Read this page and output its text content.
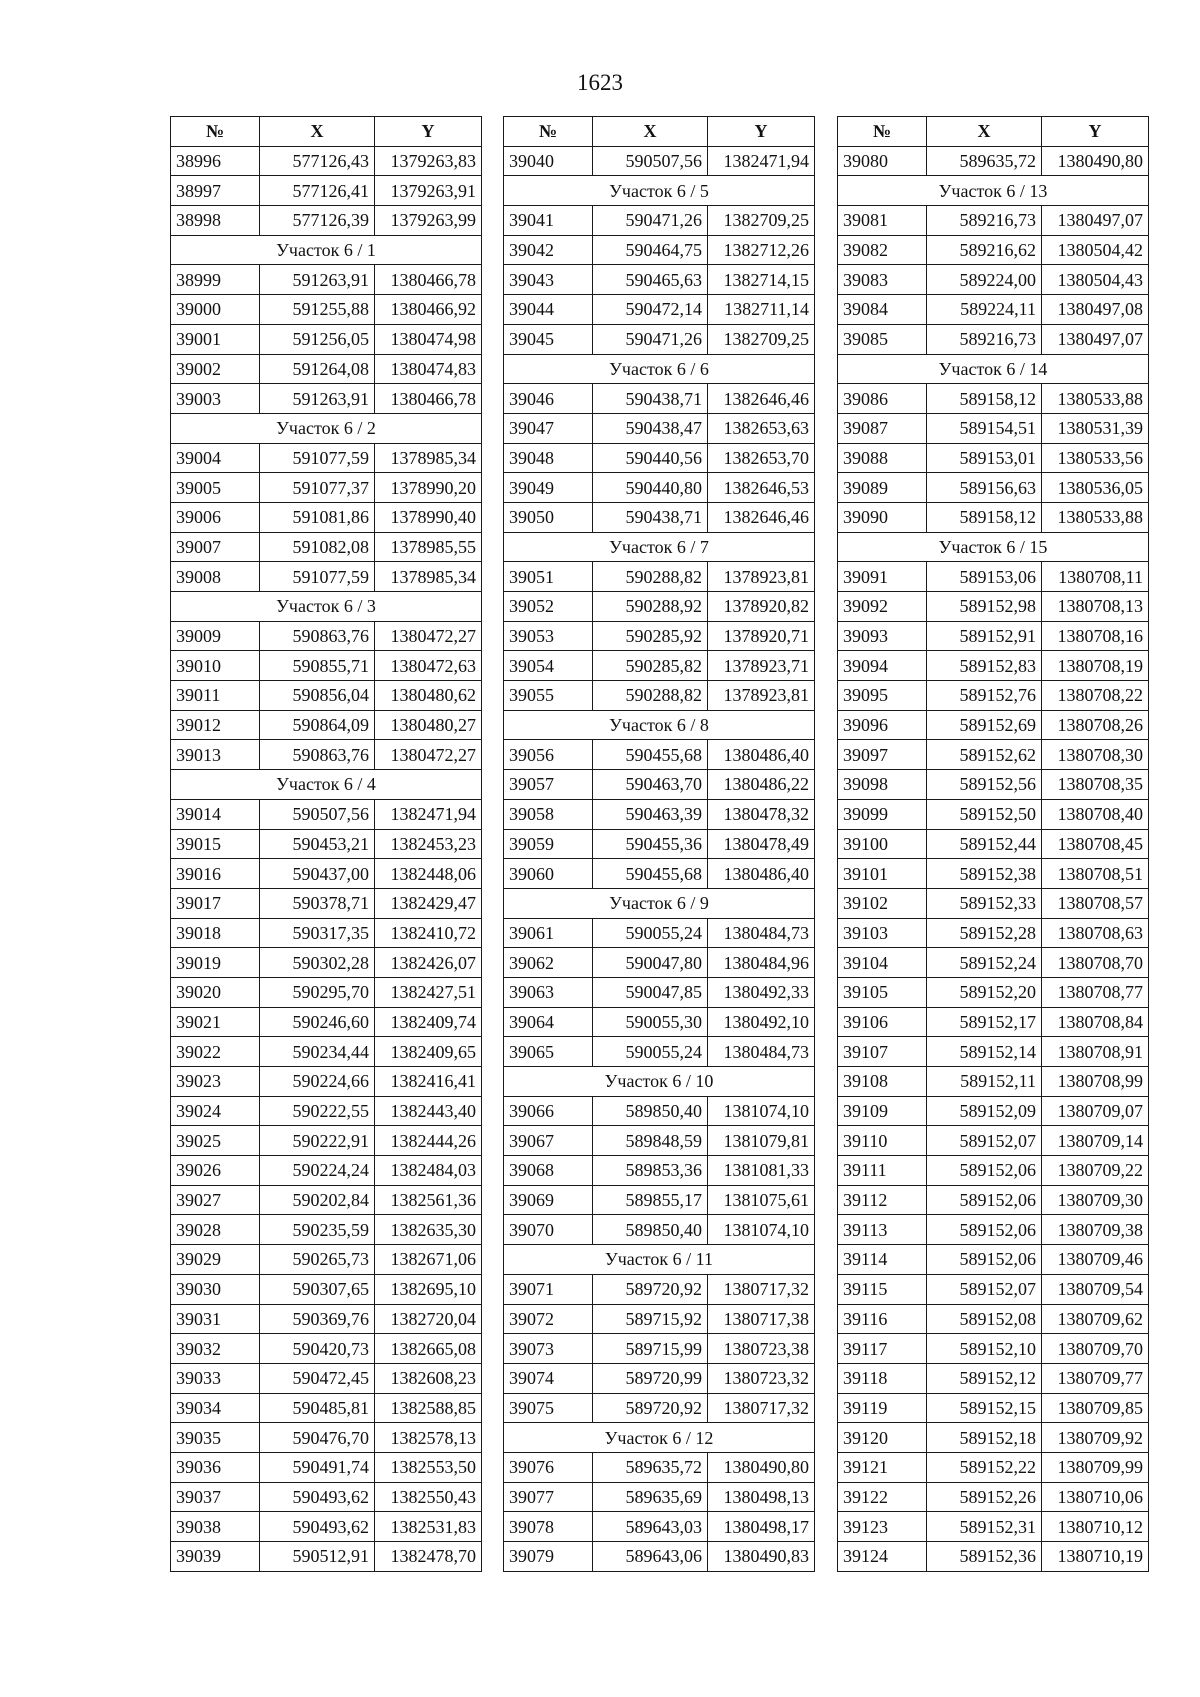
1623
№	X	Y
38996	577126,43	1379263,83
38997	577126,41	1379263,91
38998	577126,39	1379263,99
Участок 6 / 1		
38999	591263,91	1380466,78
39000	591255,88	1380466,92
39001	591256,05	1380474,98
39002	591264,08	1380474,83
39003	591263,91	1380466,78
Участок 6 / 2		
39004	591077,59	1378985,34
39005	591077,37	1378990,20
39006	591081,86	1378990,40
39007	591082,08	1378985,55
39008	591077,59	1378985,34
Участок 6 / 3		
39009	590863,76	1380472,27
39010	590855,71	1380472,63
39011	590856,04	1380480,62
39012	590864,09	1380480,27
39013	590863,76	1380472,27
Участок 6 / 4		
39014	590507,56	1382471,94
39015	590453,21	1382453,23
39016	590437,00	1382448,06
39017	590378,71	1382429,47
39018	590317,35	1382410,72
39019	590302,28	1382426,07
39020	590295,70	1382427,51
39021	590246,60	1382409,74
39022	590234,44	1382409,65
39023	590224,66	1382416,41
39024	590222,55	1382443,40
39025	590222,91	1382444,26
39026	590224,24	1382484,03
39027	590202,84	1382561,36
39028	590235,59	1382635,30
39029	590265,73	1382671,06
39030	590307,65	1382695,10
39031	590369,76	1382720,04
39032	590420,73	1382665,08
39033	590472,45	1382608,23
39034	590485,81	1382588,85
39035	590476,70	1382578,13
39036	590491,74	1382553,50
39037	590493,62	1382550,43
39038	590493,62	1382531,83
39039	590512,91	1382478,70
№	X	Y
39040	590507,56	1382471,94
Участок 6 / 5		
39041	590471,26	1382709,25
39042	590464,75	1382712,26
39043	590465,63	1382714,15
39044	590472,14	1382711,14
39045	590471,26	1382709,25
Участок 6 / 6		
39046	590438,71	1382646,46
39047	590438,47	1382653,63
39048	590440,56	1382653,70
39049	590440,80	1382646,53
39050	590438,71	1382646,46
Участок 6 / 7		
39051	590288,82	1378923,81
39052	590288,92	1378920,82
39053	590285,92	1378920,71
39054	590285,82	1378923,71
39055	590288,82	1378923,81
Участок 6 / 8		
39056	590455,68	1380486,40
39057	590463,70	1380486,22
39058	590463,39	1380478,32
39059	590455,36	1380478,49
39060	590455,68	1380486,40
Участок 6 / 9		
39061	590055,24	1380484,73
39062	590047,80	1380484,96
39063	590047,85	1380492,33
39064	590055,30	1380492,10
39065	590055,24	1380484,73
Участок 6 / 10		
39066	589850,40	1381074,10
39067	589848,59	1381079,81
39068	589853,36	1381081,33
39069	589855,17	1381075,61
39070	589850,40	1381074,10
Участок 6 / 11		
39071	589720,92	1380717,32
39072	589715,92	1380717,38
39073	589715,99	1380723,38
39074	589720,99	1380723,32
39075	589720,92	1380717,32
Участок 6 / 12		
39076	589635,72	1380490,80
39077	589635,69	1380498,13
39078	589643,03	1380498,17
39079	589643,06	1380490,83
№	X	Y
39080	589635,72	1380490,80
Участок 6 / 13		
39081	589216,73	1380497,07
39082	589216,62	1380504,42
39083	589224,00	1380504,43
39084	589224,11	1380497,08
39085	589216,73	1380497,07
Участок 6 / 14		
39086	589158,12	1380533,88
39087	589154,51	1380531,39
39088	589153,01	1380533,56
39089	589156,63	1380536,05
39090	589158,12	1380533,88
Участок 6 / 15		
39091	589153,06	1380708,11
39092	589152,98	1380708,13
39093	589152,91	1380708,16
39094	589152,83	1380708,19
39095	589152,76	1380708,22
39096	589152,69	1380708,26
39097	589152,62	1380708,30
39098	589152,56	1380708,35
39099	589152,50	1380708,40
39100	589152,44	1380708,45
39101	589152,38	1380708,51
39102	589152,33	1380708,57
39103	589152,28	1380708,63
39104	589152,24	1380708,70
39105	589152,20	1380708,77
39106	589152,17	1380708,84
39107	589152,14	1380708,91
39108	589152,11	1380708,99
39109	589152,09	1380709,07
39110	589152,07	1380709,14
39111	589152,06	1380709,22
39112	589152,06	1380709,30
39113	589152,06	1380709,38
39114	589152,06	1380709,46
39115	589152,07	1380709,54
39116	589152,08	1380709,62
39117	589152,10	1380709,70
39118	589152,12	1380709,77
39119	589152,15	1380709,85
39120	589152,18	1380709,92
39121	589152,22	1380709,99
39122	589152,26	1380710,06
39123	589152,31	1380710,12
39124	589152,36	1380710,19
